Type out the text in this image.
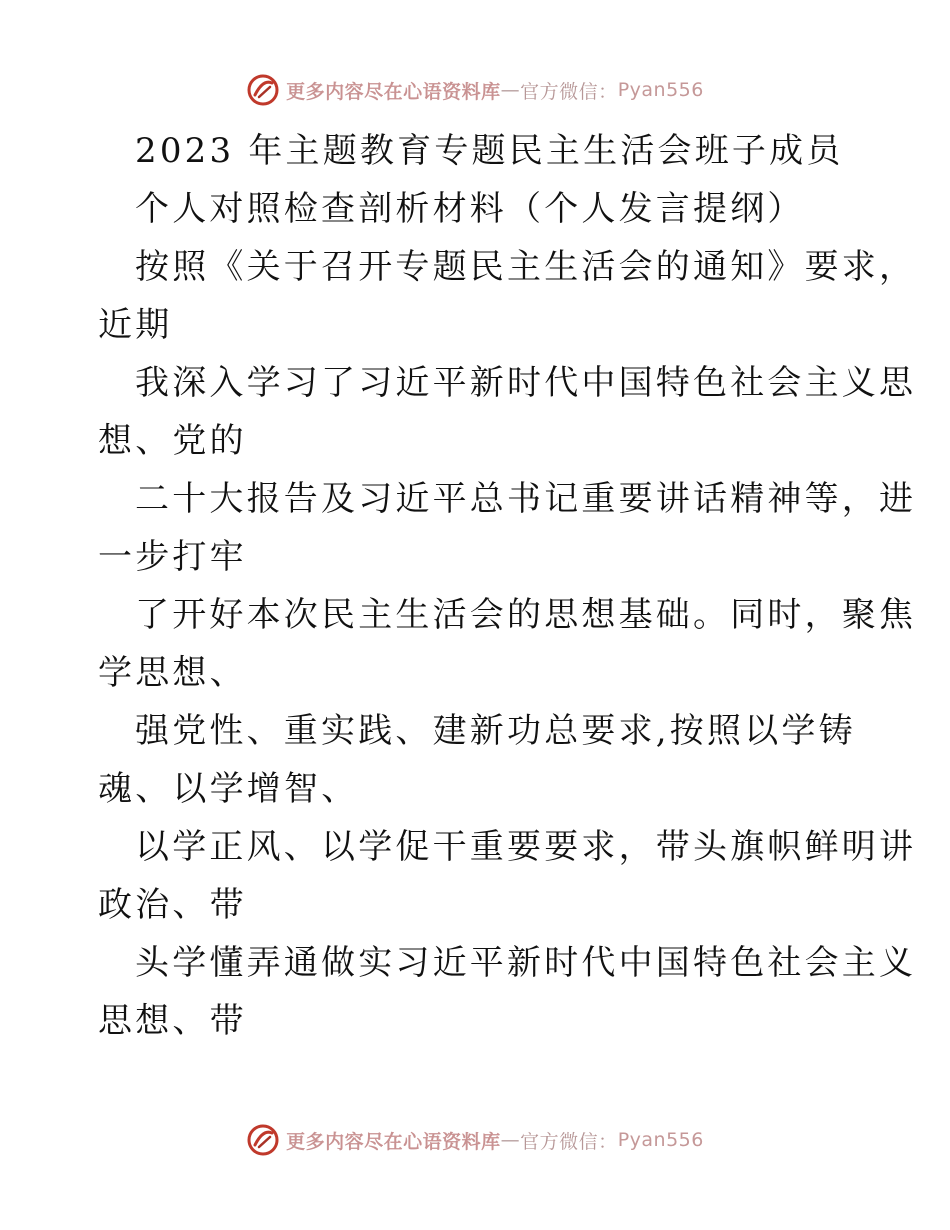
更多内容尽在心语资料库 — 官方微信： Pyan556
2023 年主题教育专题民主生活会班子成员
个人对照检查剖析材料（个人发言提纲）
按照《关于召开专题民主生活会的通知》要求，
近期
我深入学习了习近平新时代中国特色社会主义思
想、党的
二十大报告及习近平总书记重要讲话精神等，进
一步打牢
了开好本次民主生活会的思想基础。同时，聚焦
学思想、
强党性、重实践、建新功总要求,按照以学铸
魂、以学增智、
以学正风、以学促干重要要求，带头旗帜鲜明讲
政治、带
头学懂弄通做实习近平新时代中国特色社会主义
思想、带
更多内容尽在心语资料库 — 官方微信： Pyan556
